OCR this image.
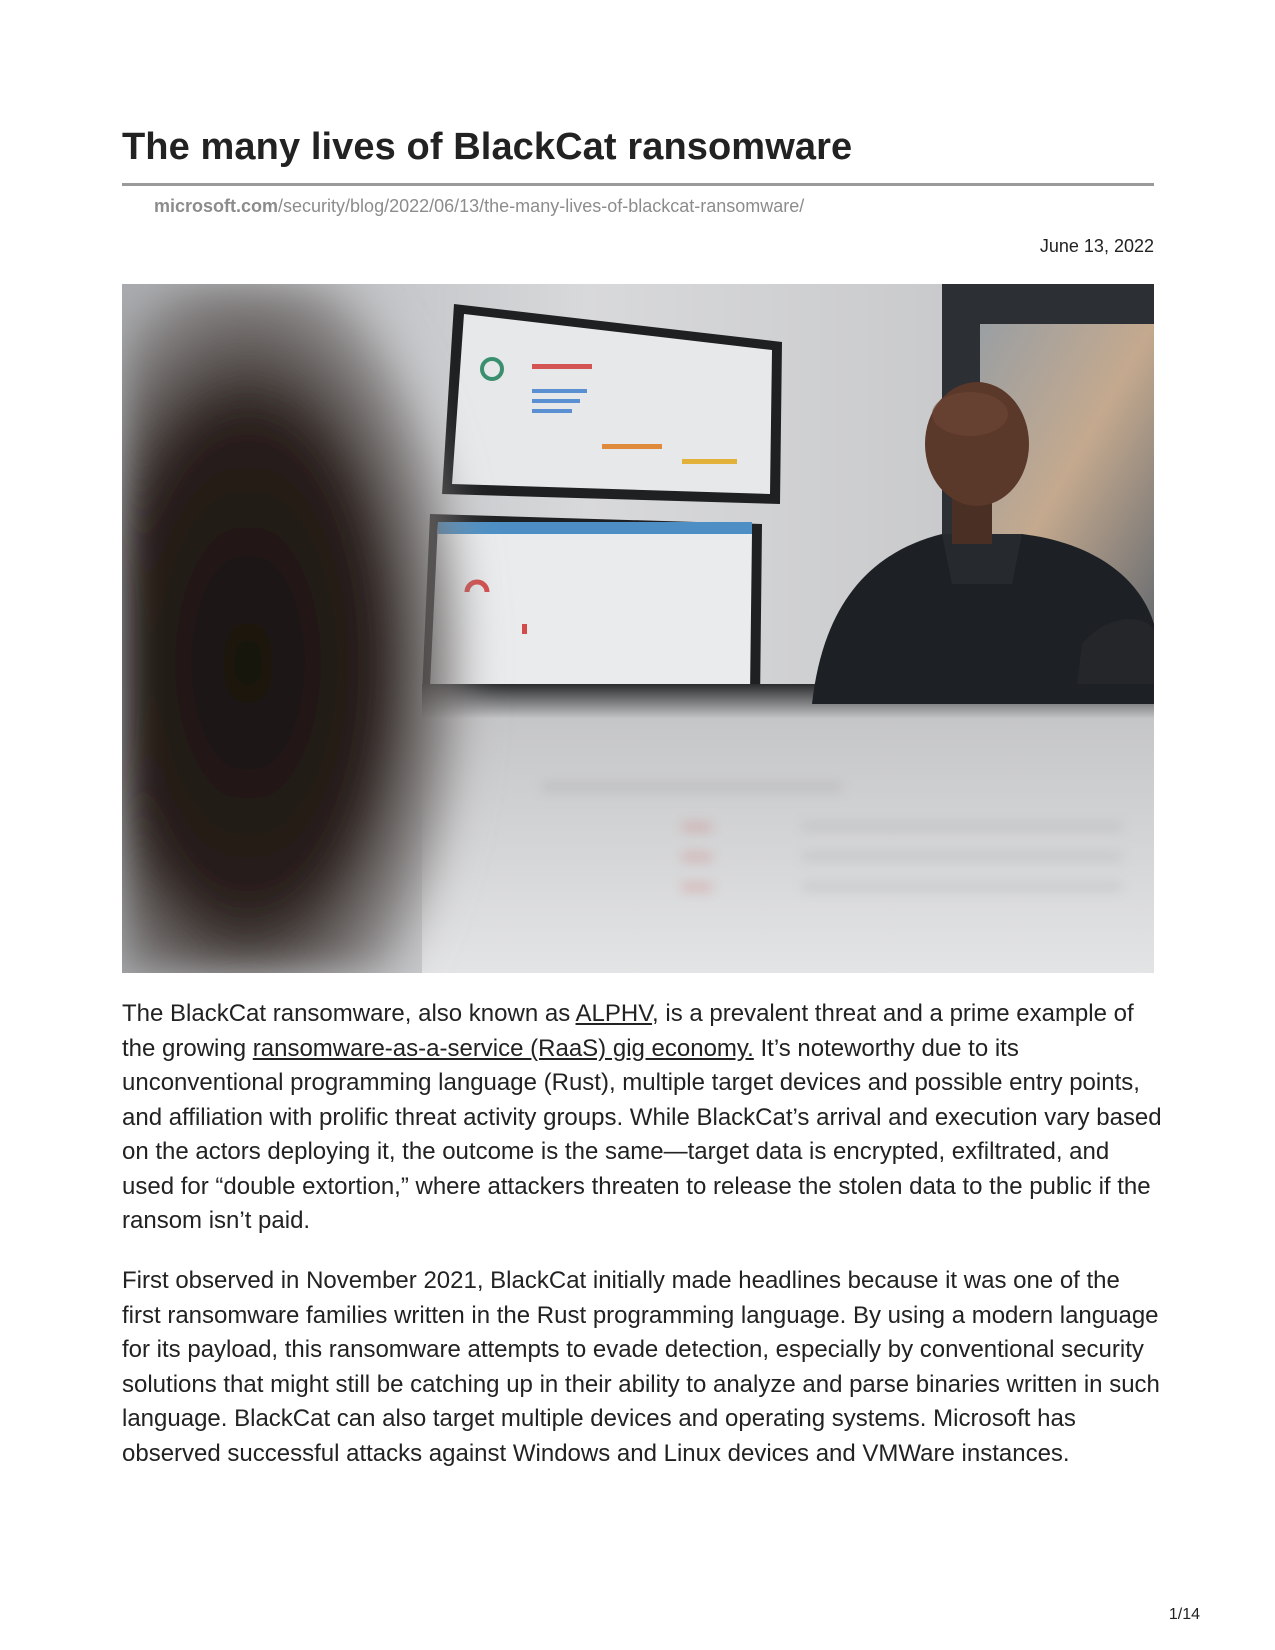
The many lives of BlackCat ransomware
microsoft.com/security/blog/2022/06/13/the-many-lives-of-blackcat-ransomware/
June 13, 2022

The BlackCat ransomware, also known as ALPHV, is a prevalent threat and a prime example of the growing ransomware-as-a-service (RaaS) gig economy. It’s noteworthy due to its unconventional programming language (Rust), multiple target devices and possible entry points, and affiliation with prolific threat activity groups. While BlackCat’s arrival and execution vary based on the actors deploying it, the outcome is the same—target data is encrypted, exfiltrated, and used for “double extortion,” where attackers threaten to release the stolen data to the public if the ransom isn’t paid.

First observed in November 2021, BlackCat initially made headlines because it was one of the first ransomware families written in the Rust programming language. By using a modern language for its payload, this ransomware attempts to evade detection, especially by conventional security solutions that might still be catching up in their ability to analyze and parse binaries written in such language. BlackCat can also target multiple devices and operating systems. Microsoft has observed successful attacks against Windows and Linux devices and VMWare instances.

1/14
